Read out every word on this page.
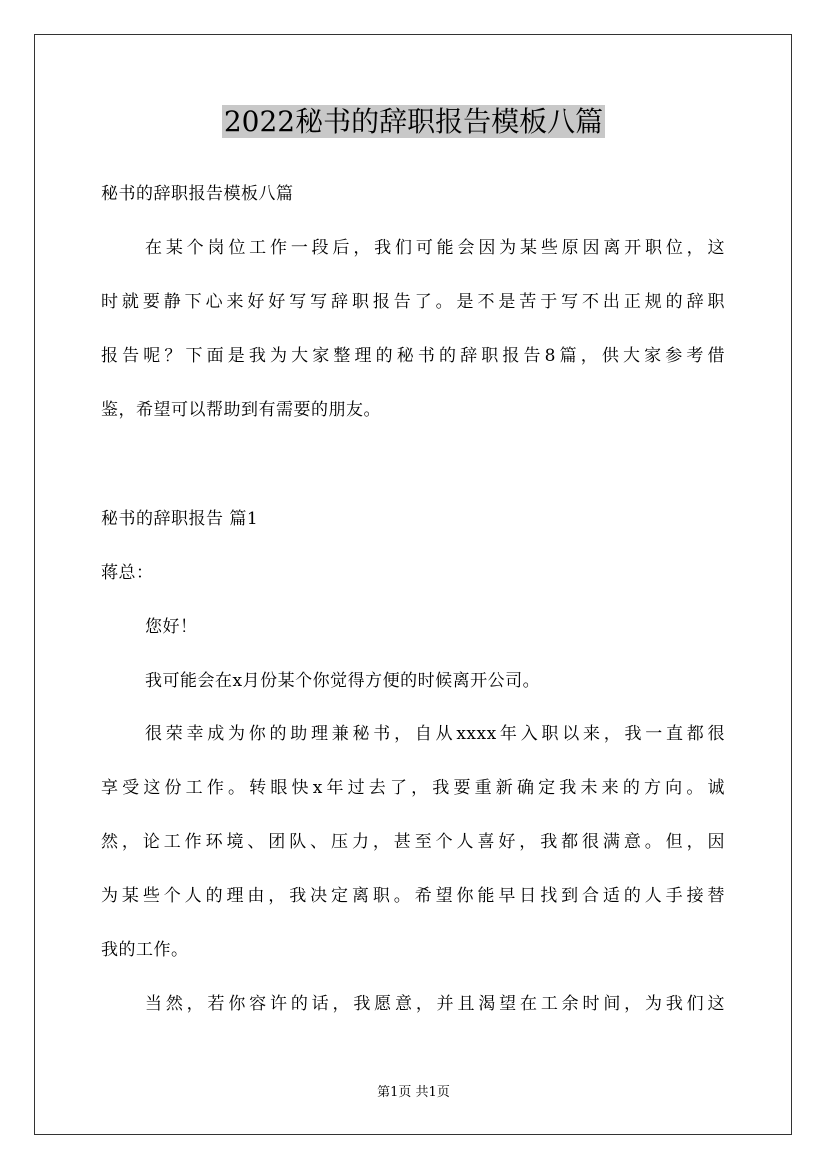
2022秘书的辞职报告模板八篇
秘书的辞职报告模板八篇
在某个岗位工作一段后，我们可能会因为某些原因离开职位，这
时就要静下心来好好写写辞职报告了。是不是苦于写不出正规的辞职
报告呢？下面是我为大家整理的秘书的辞职报告8篇，供大家参考借
鉴，希望可以帮助到有需要的朋友。
秘书的辞职报告 篇1
蒋总：
您好！
我可能会在x月份某个你觉得方便的时候离开公司。
很荣幸成为你的助理兼秘书，自从xxxx年入职以来，我一直都很
享受这份工作。转眼快x年过去了，我要重新确定我未来的方向。诚
然，论工作环境、团队、压力，甚至个人喜好，我都很满意。但，因
为某些个人的理由，我决定离职。希望你能早日找到合适的人手接替
我的工作。
当然，若你容许的话，我愿意，并且渴望在工余时间，为我们这
第1页 共1页
